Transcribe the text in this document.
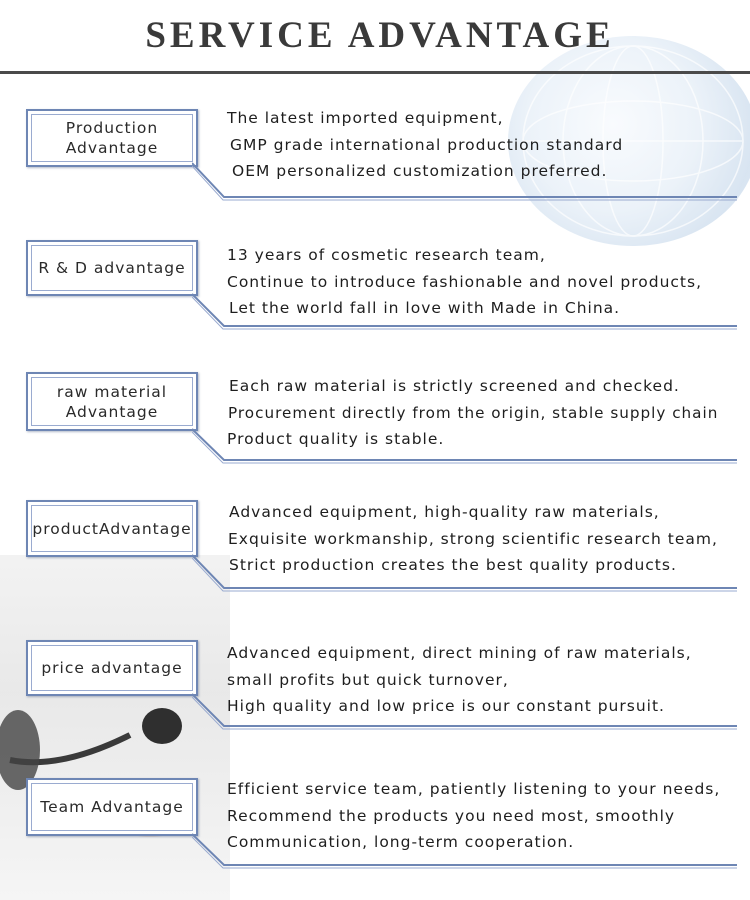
SERVICE ADVANTAGE
Production Advantage
The latest imported equipment,
GMP grade international production standard
OEM personalized customization preferred.
R & D advantage
13 years of cosmetic research team,
Continue to introduce fashionable and novel products,
Let the world fall in love with Made in China.
raw material Advantage
Each raw material is strictly screened and checked.
Procurement directly from the origin, stable supply chain
Product quality is stable.
productAdvantage
Advanced equipment, high-quality raw materials,
Exquisite workmanship, strong scientific research team,
Strict production creates the best quality products.
price advantage
Advanced equipment, direct mining of raw materials,
small profits but quick turnover,
High quality and low price is our constant pursuit.
Team Advantage
Efficient service team, patiently listening to your needs,
Recommend the products you need most, smoothly
Communication, long-term cooperation.
